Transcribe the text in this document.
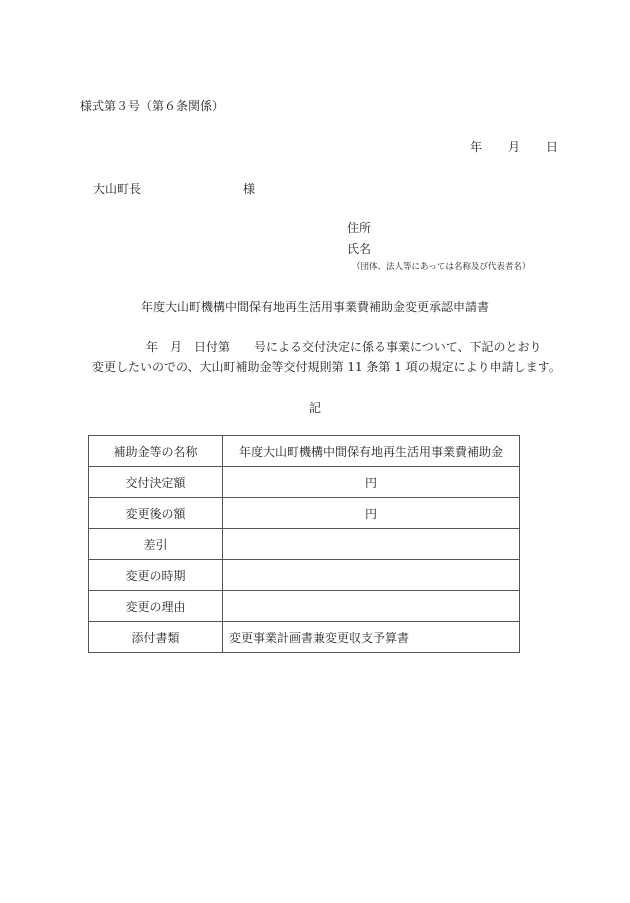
様式第３号（第６条関係）
年 月 日
大山町長	様
住所
氏名
（団体、法人等にあっては名称及び代表者名）
年度大山町機構中間保有地再生活用事業費補助金変更承認申請書
年　月　日付第　　号による交付決定に係る事業について、下記のとおり
変更したいのでの、大山町補助金等交付規則第 11 条第 1 項の規定により申請します。
記
補助金等の名称	年度大山町機構中間保有地再生活用事業費補助金
交付決定額	円
変更後の額	円
差引	
変更の時期	
変更の理由	
添付書類	変更事業計画書兼変更収支予算書
